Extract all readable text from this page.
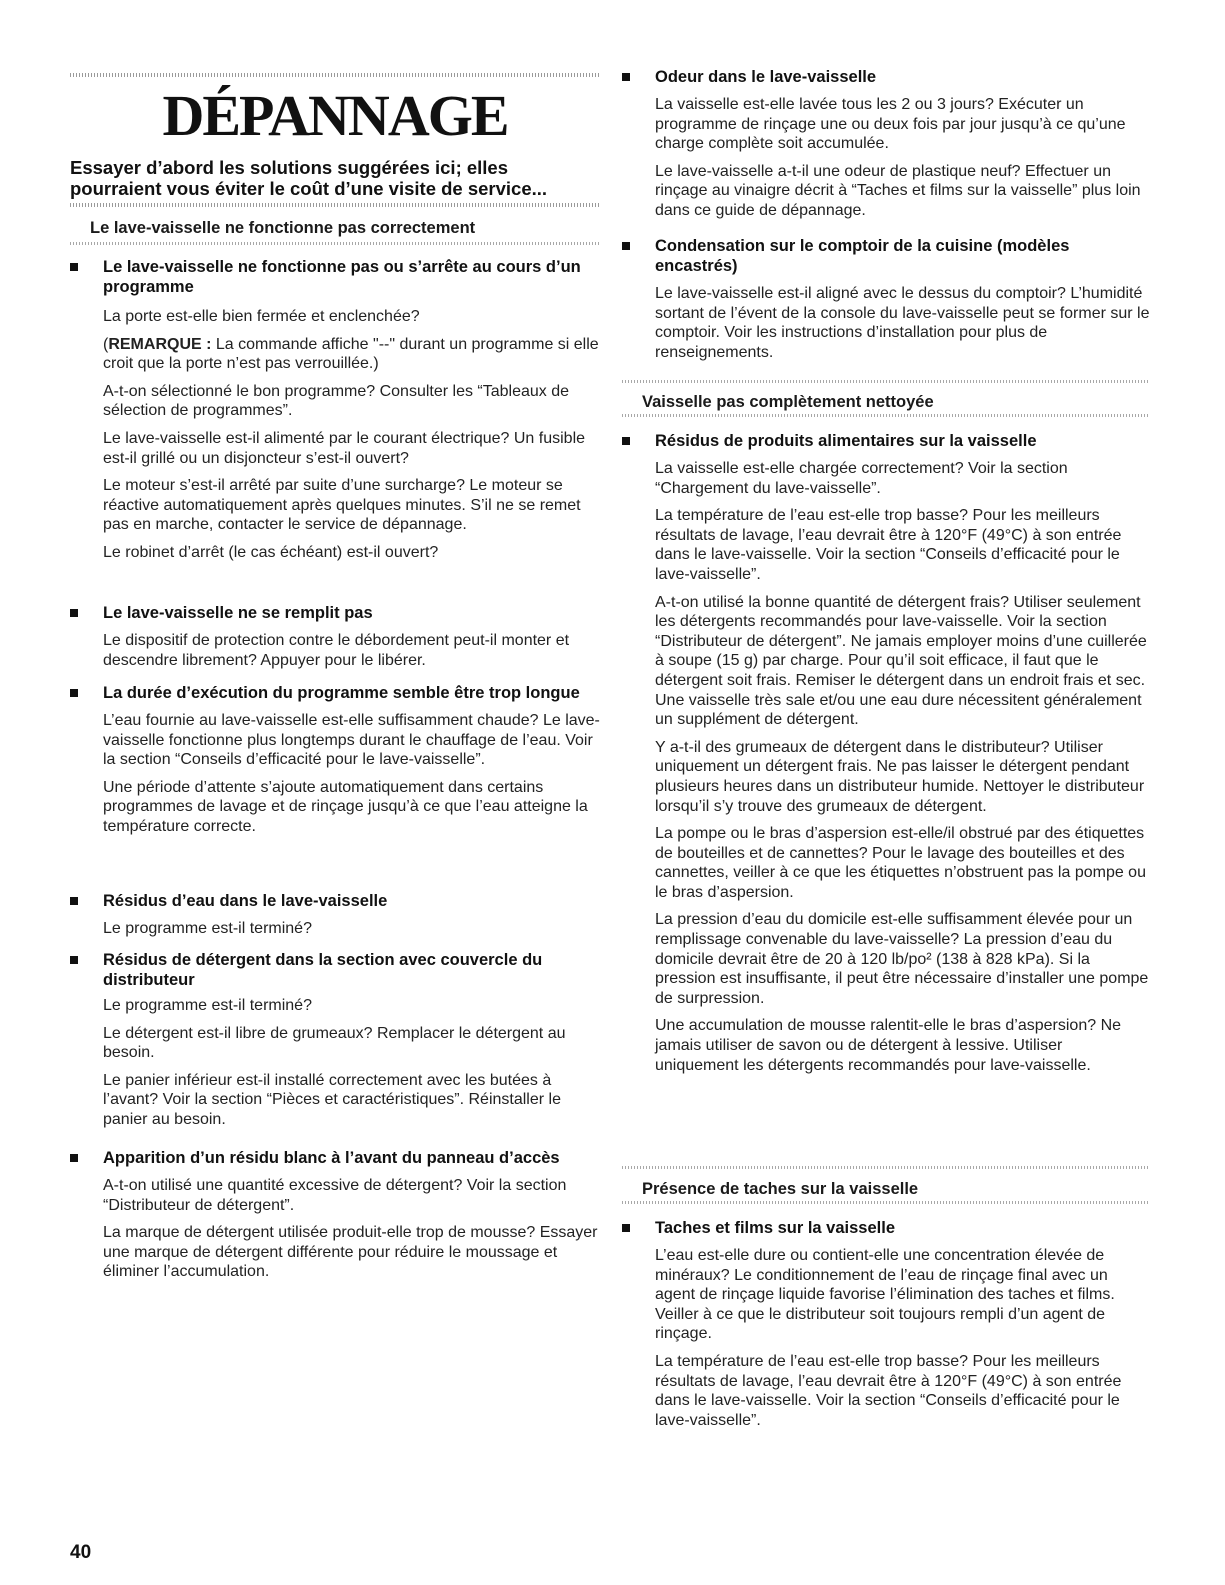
DÉPANNAGE
Essayer d’abord les solutions suggérées ici; elles pourraient vous éviter le coût d’une visite de service...
Le lave-vaisselle ne fonctionne pas correctement
Le lave-vaisselle ne fonctionne pas ou s’arrête au cours d’un programme
La porte est-elle bien fermée et enclenchée?
(REMARQUE : La commande affiche "--" durant un programme si elle croit que la porte n’est pas verrouillée.)
A-t-on sélectionné le bon programme? Consulter les “Tableaux de sélection de programmes”.
Le lave-vaisselle est-il alimenté par le courant électrique? Un fusible est-il grillé ou un disjoncteur s’est-il ouvert?
Le moteur s’est-il arrêté par suite d’une surcharge? Le moteur se réactive automatiquement après quelques minutes. S’il ne se remet pas en marche, contacter le service de dépannage.
Le robinet d’arrêt (le cas échéant) est-il ouvert?
Le lave-vaisselle ne se remplit pas
Le dispositif de protection contre le débordement peut-il monter et descendre librement? Appuyer pour le libérer.
La durée d’exécution du programme semble être trop longue
L’eau fournie au lave-vaisselle est-elle suffisamment chaude? Le lave-vaisselle fonctionne plus longtemps durant le chauffage de l’eau. Voir la section “Conseils d’efficacité pour le lave-vaisselle”.
Une période d’attente s’ajoute automatiquement dans certains programmes de lavage et de rinçage jusqu’à ce que l’eau atteigne la température correcte.
Résidus d’eau dans le lave-vaisselle
Le programme est-il terminé?
Résidus de détergent dans la section avec couvercle du distributeur
Le programme est-il terminé?
Le détergent est-il libre de grumeaux? Remplacer le détergent au besoin.
Le panier inférieur est-il installé correctement avec les butées à l’avant? Voir la section “Pièces et caractéristiques”. Réinstaller le panier au besoin.
Apparition d’un résidu blanc à l’avant du panneau d’accès
A-t-on utilisé une quantité excessive de détergent? Voir la section “Distributeur de détergent”.
La marque de détergent utilisée produit-elle trop de mousse? Essayer une marque de détergent différente pour réduire le moussage et éliminer l’accumulation.
Odeur dans le lave-vaisselle
La vaisselle est-elle lavée tous les 2 ou 3 jours? Exécuter un programme de rinçage une ou deux fois par jour jusqu’à ce qu’une charge complète soit accumulée.
Le lave-vaisselle a-t-il une odeur de plastique neuf? Effectuer un rinçage au vinaigre décrit à “Taches et films sur la vaisselle” plus loin dans ce guide de dépannage.
Condensation sur le comptoir de la cuisine (modèles encastrés)
Le lave-vaisselle est-il aligné avec le dessus du comptoir? L’humidité sortant de l’évent de la console du lave-vaisselle peut se former sur le comptoir. Voir les instructions d’installation pour plus de renseignements.
Vaisselle pas complètement nettoyée
Résidus de produits alimentaires sur la vaisselle
La vaisselle est-elle chargée correctement? Voir la section “Chargement du lave-vaisselle”.
La température de l’eau est-elle trop basse? Pour les meilleurs résultats de lavage, l’eau devrait être à 120°F (49°C) à son entrée dans le lave-vaisselle. Voir la section “Conseils d’efficacité pour le lave-vaisselle”.
A-t-on utilisé la bonne quantité de détergent frais? Utiliser seulement les détergents recommandés pour lave-vaisselle. Voir la section “Distributeur de détergent”. Ne jamais employer moins d’une cuillerée à soupe (15 g) par charge. Pour qu’il soit efficace, il faut que le détergent soit frais. Remiser le détergent dans un endroit frais et sec. Une vaisselle très sale et/ou une eau dure nécessitent généralement un supplément de détergent.
Y a-t-il des grumeaux de détergent dans le distributeur? Utiliser uniquement un détergent frais. Ne pas laisser le détergent pendant plusieurs heures dans un distributeur humide. Nettoyer le distributeur lorsqu’il s’y trouve des grumeaux de détergent.
La pompe ou le bras d’aspersion est-elle/il obstrué par des étiquettes de bouteilles et de cannettes? Pour le lavage des bouteilles et des cannettes, veiller à ce que les étiquettes n’obstruent pas la pompe ou le bras d’aspersion.
La pression d’eau du domicile est-elle suffisamment élevée pour un remplissage convenable du lave-vaisselle? La pression d’eau du domicile devrait être de 20 à 120 lb/po² (138 à 828 kPa). Si la pression est insuffisante, il peut être nécessaire d’installer une pompe de surpression.
Une accumulation de mousse ralentit-elle le bras d’aspersion? Ne jamais utiliser de savon ou de détergent à lessive. Utiliser uniquement les détergents recommandés pour lave-vaisselle.
Présence de taches sur la vaisselle
Taches et films sur la vaisselle
L’eau est-elle dure ou contient-elle une concentration élevée de minéraux? Le conditionnement de l’eau de rinçage final avec un agent de rinçage liquide favorise l’élimination des taches et films. Veiller à ce que le distributeur soit toujours rempli d’un agent de rinçage.
La température de l’eau est-elle trop basse? Pour les meilleurs résultats de lavage, l’eau devrait être à 120°F (49°C) à son entrée dans le lave-vaisselle. Voir la section “Conseils d’efficacité pour le lave-vaisselle”.
40
